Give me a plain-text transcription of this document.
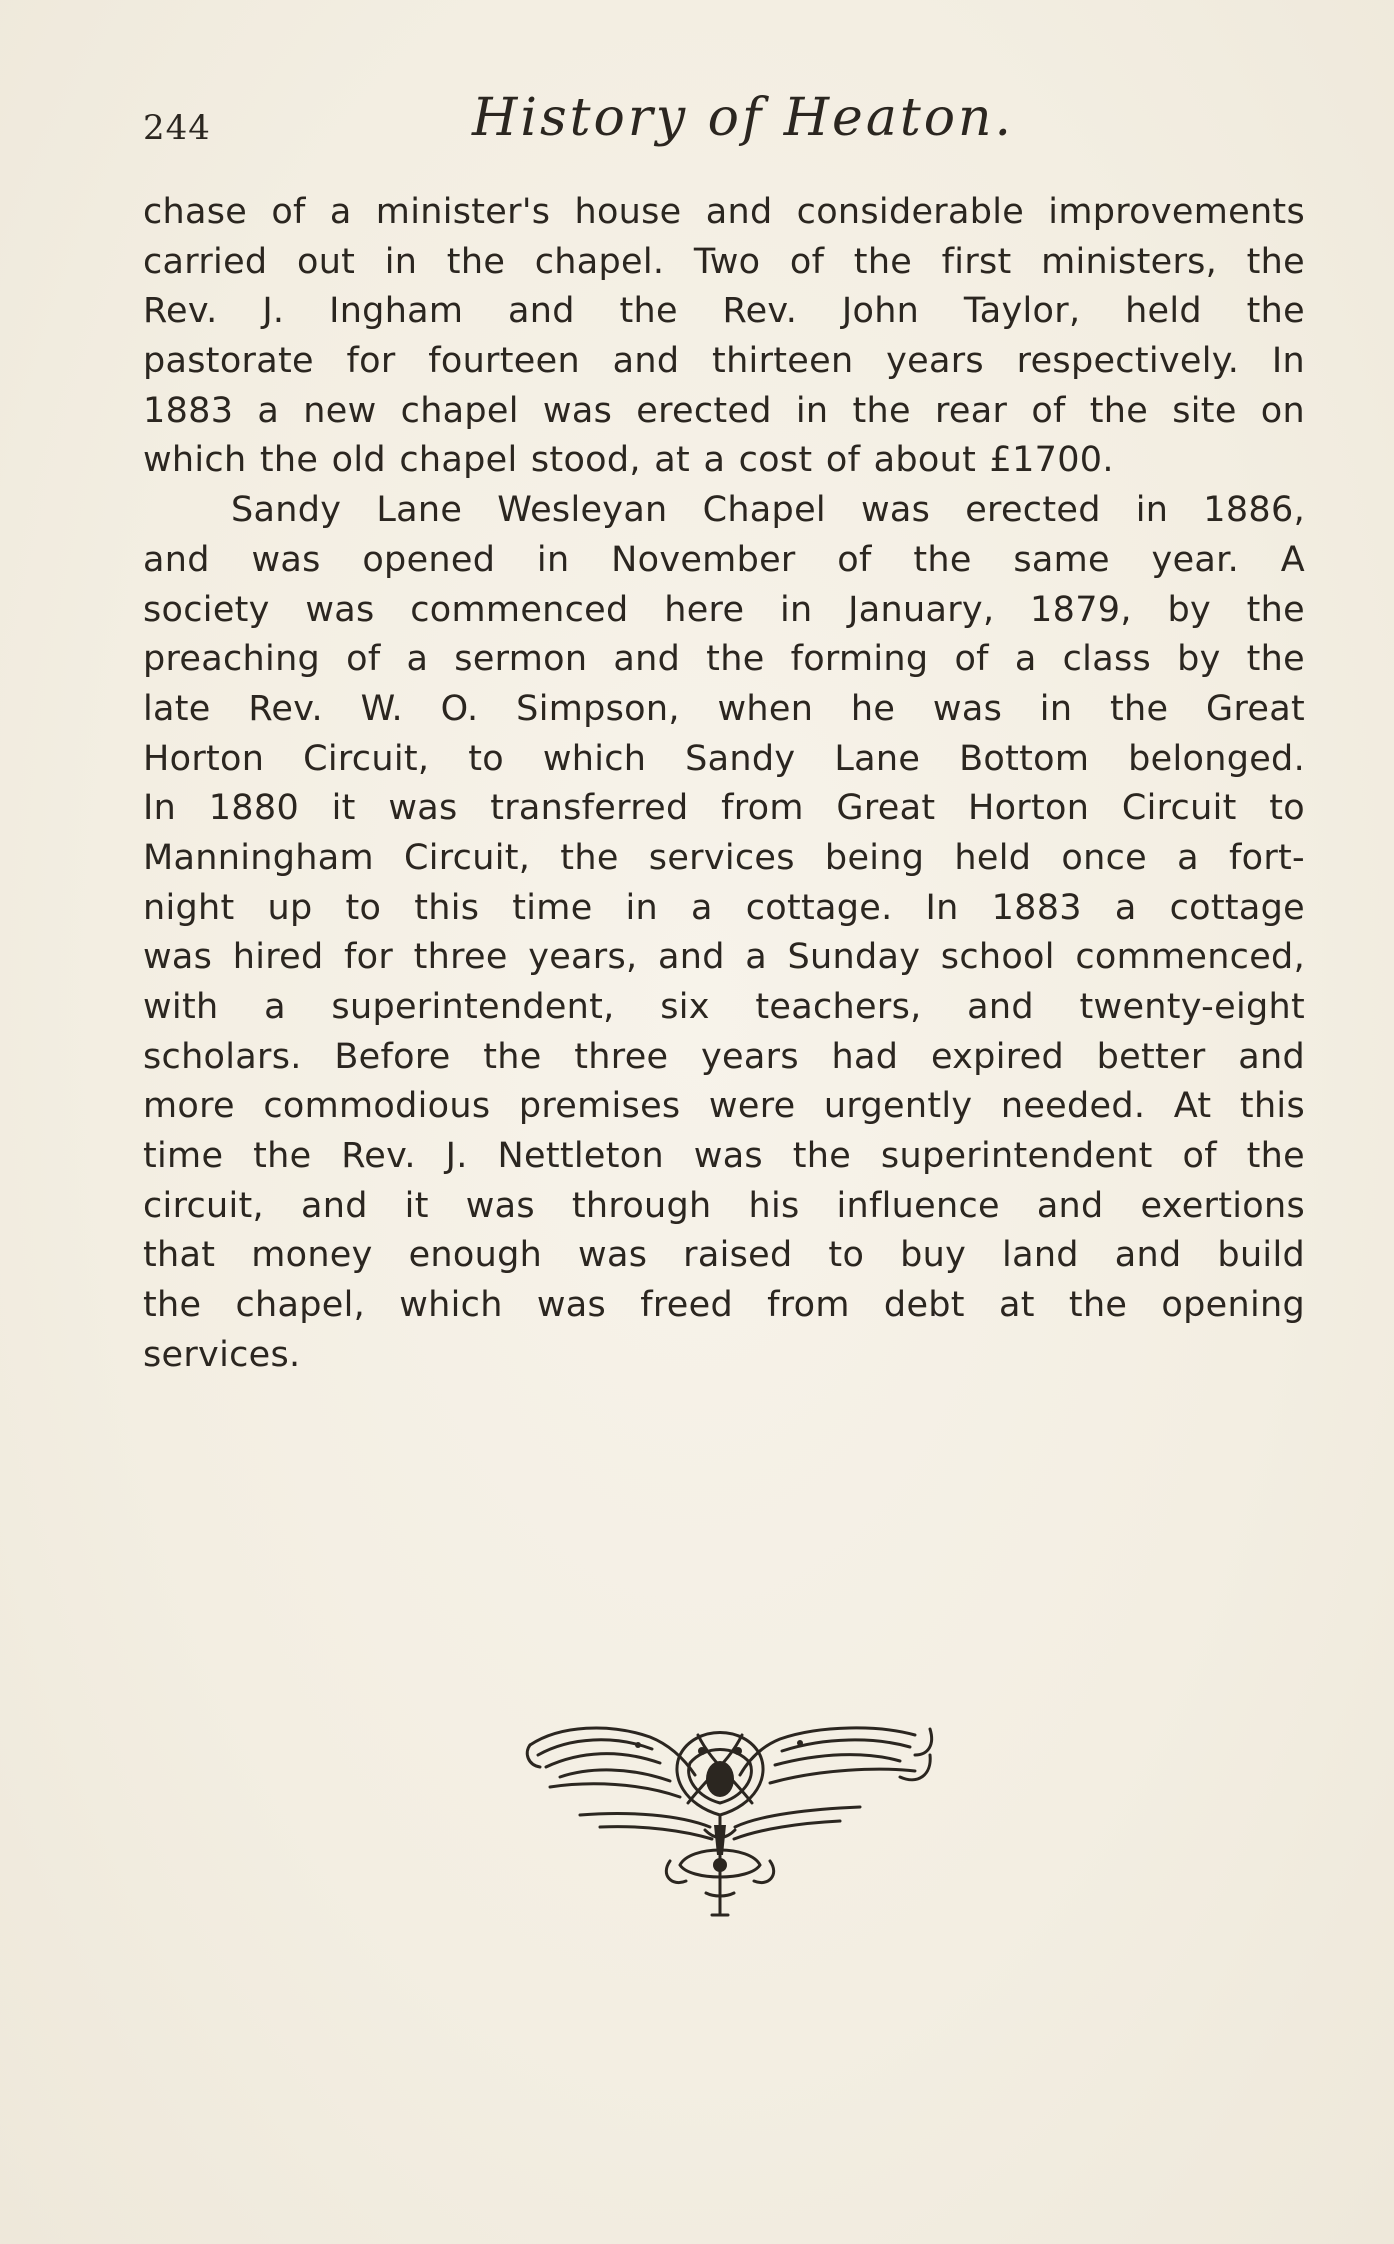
244	History of Heaton.
chase of a minister's house and considerable improvements
carried out in the chapel. Two of the first ministers, the
Rev. J. Ingham and the Rev. John Taylor, held the
pastorate for fourteen and thirteen years respectively. In
1883 a new chapel was erected in the rear of the site on
which the old chapel stood, at a cost of about £1700.
Sandy Lane Wesleyan Chapel was erected in 1886,
and was opened in November of the same year. A
society was commenced here in January, 1879, by the
preaching of a sermon and the forming of a class by the
late Rev. W. O. Simpson, when he was in the Great
Horton Circuit, to which Sandy Lane Bottom belonged.
In 1880 it was transferred from Great Horton Circuit to
Manningham Circuit, the services being held once a fort-
night up to this time in a cottage. In 1883 a cottage
was hired for three years, and a Sunday school commenced,
with a superintendent, six teachers, and twenty-eight
scholars. Before the three years had expired better and
more commodious premises were urgently needed. At this
time the Rev. J. Nettleton was the superintendent of the
circuit, and it was through his influence and exertions
that money enough was raised to buy land and build
the chapel, which was freed from debt at the opening
services.
